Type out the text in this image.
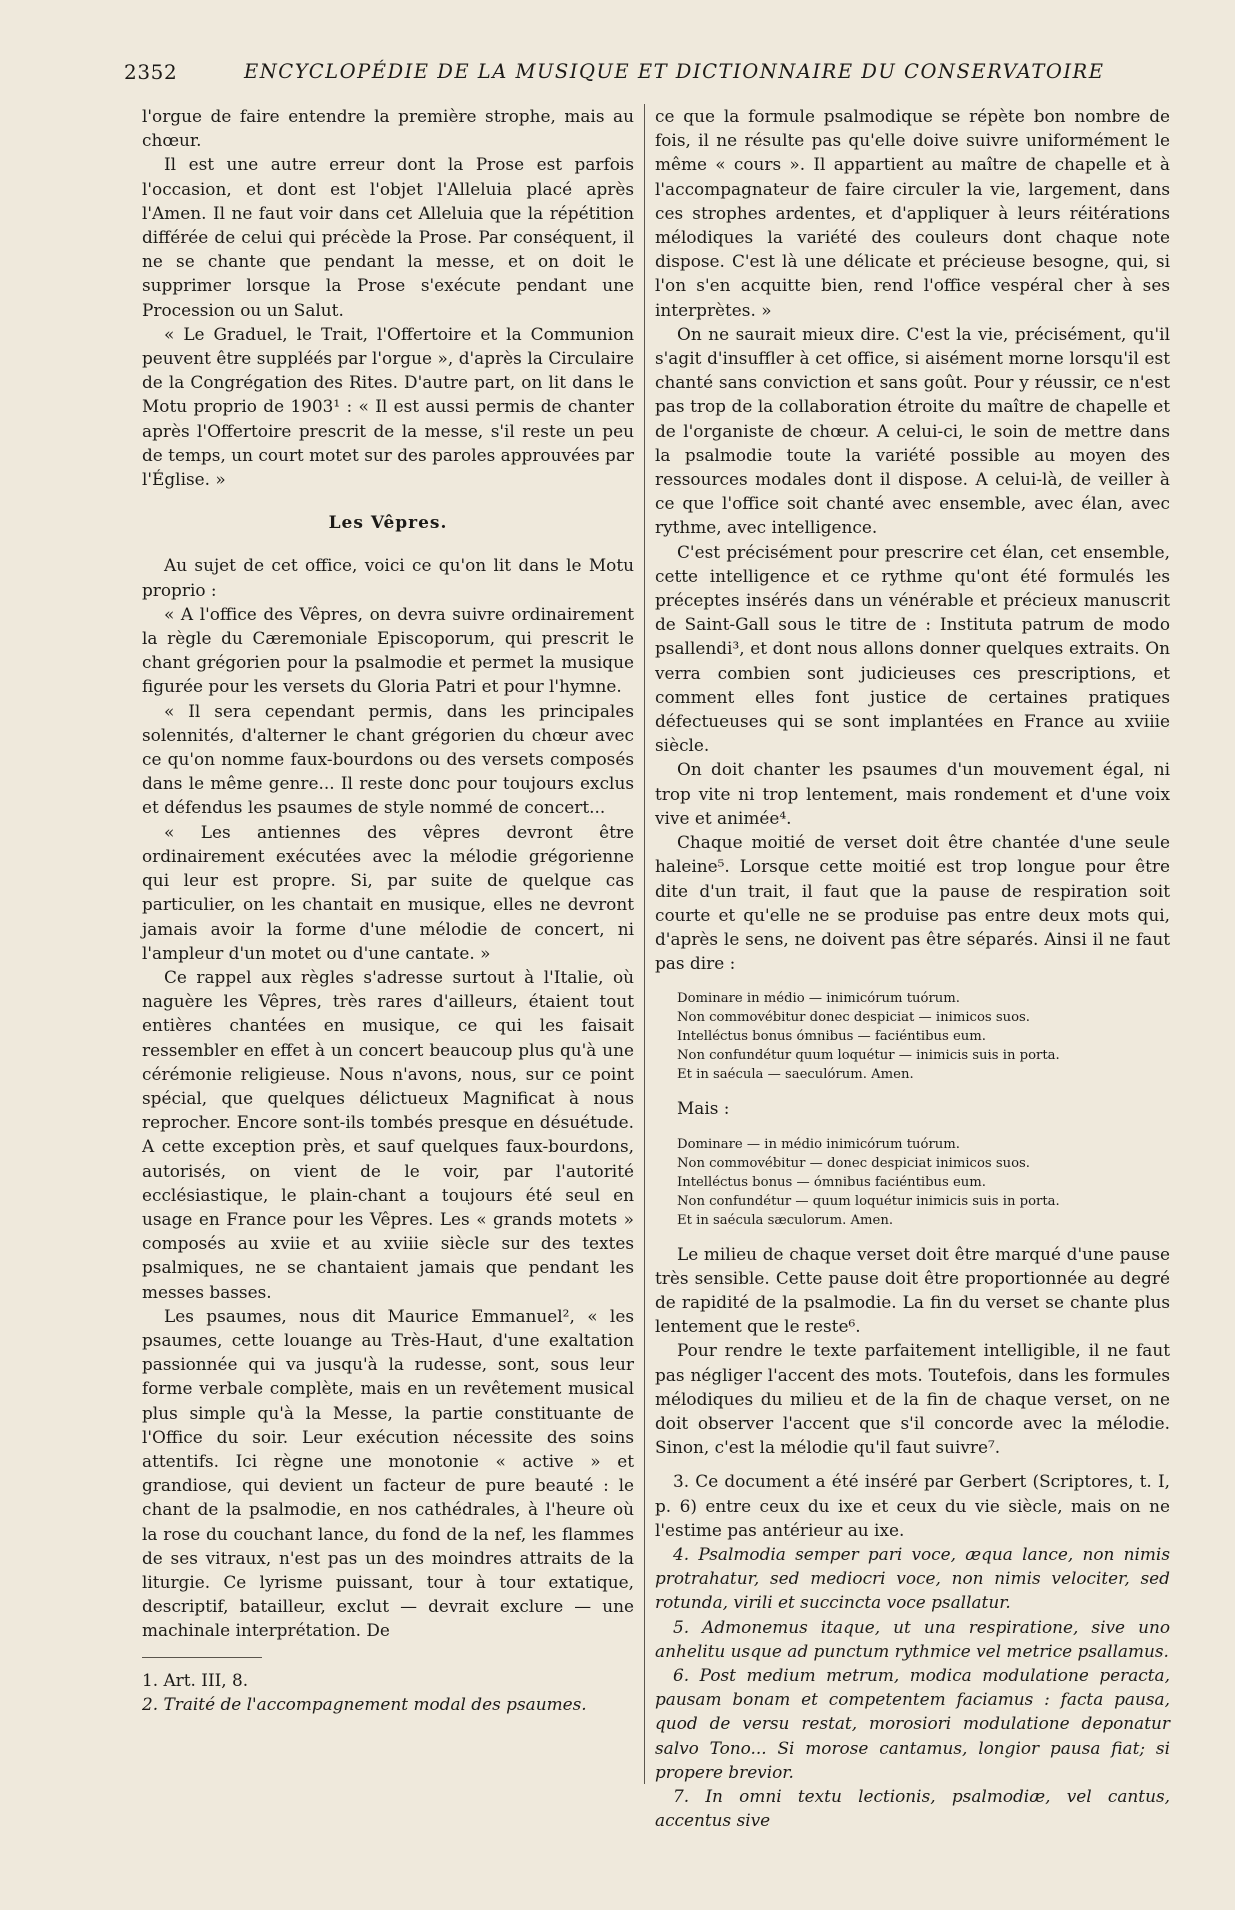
2352	ENCYCLOPÉDIE DE LA MUSIQUE ET DICTIONNAIRE DU CONSERVATOIRE

l'orgue de faire entendre la première strophe, mais au chœur.

Il est une autre erreur dont la Prose est parfois l'occasion, et dont est l'objet l'Alleluia placé après l'Amen. Il ne faut voir dans cet Alleluia que la répétition différée de celui qui précède la Prose. Par conséquent, il ne se chante que pendant la messe, et on doit le supprimer lorsque la Prose s'exécute pendant une Procession ou un Salut.

« Le Graduel, le Trait, l'Offertoire et la Communion peuvent être suppléés par l'orgue », d'après la Circulaire de la Congrégation des Rites. D'autre part, on lit dans le Motu proprio de 1903¹ : « Il est aussi permis de chanter après l'Offertoire prescrit de la messe, s'il reste un peu de temps, un court motet sur des paroles approuvées par l'Église. »

Les Vêpres.

Au sujet de cet office, voici ce qu'on lit dans le Motu proprio :

« A l'office des Vêpres, on devra suivre ordinairement la règle du Cæremoniale Episcoporum, qui prescrit le chant grégorien pour la psalmodie et permet la musique figurée pour les versets du Gloria Patri et pour l'hymne.

« Il sera cependant permis, dans les principales solennités, d'alterner le chant grégorien du chœur avec ce qu'on nomme faux-bourdons ou des versets composés dans le même genre... Il reste donc pour toujours exclus et défendus les psaumes de style nommé de concert...

« Les antiennes des vêpres devront être ordinairement exécutées avec la mélodie grégorienne qui leur est propre. Si, par suite de quelque cas particulier, on les chantait en musique, elles ne devront jamais avoir la forme d'une mélodie de concert, ni l'ampleur d'un motet ou d'une cantate. »

Ce rappel aux règles s'adresse surtout à l'Italie, où naguère les Vêpres, très rares d'ailleurs, étaient tout entières chantées en musique, ce qui les faisait ressembler en effet à un concert beaucoup plus qu'à une cérémonie religieuse. Nous n'avons, nous, sur ce point spécial, que quelques délictueux Magnificat à nous reprocher. Encore sont-ils tombés presque en désuétude. A cette exception près, et sauf quelques faux-bourdons, autorisés, on vient de le voir, par l'autorité ecclésiastique, le plain-chant a toujours été seul en usage en France pour les Vêpres. Les « grands motets » composés au xviie et au xviiie siècle sur des textes psalmiques, ne se chantaient jamais que pendant les messes basses.

Les psaumes, nous dit Maurice Emmanuel², « les psaumes, cette louange au Très-Haut, d'une exaltation passionnée qui va jusqu'à la rudesse, sont, sous leur forme verbale complète, mais en un revêtement musical plus simple qu'à la Messe, la partie constituante de l'Office du soir. Leur exécution nécessite des soins attentifs. Ici règne une monotonie « active » et grandiose, qui devient un facteur de pure beauté : le chant de la psalmodie, en nos cathédrales, à l'heure où la rose du couchant lance, du fond de la nef, les flammes de ses vitraux, n'est pas un des moindres attraits de la liturgie. Ce lyrisme puissant, tour à tour extatique, descriptif, batailleur, exclut — devrait exclure — une machinale interprétation. De

1. Art. III, 8.

2. Traité de l'accompagnement modal des psaumes.

ce que la formule psalmodique se répète bon nombre de fois, il ne résulte pas qu'elle doive suivre uniformément le même « cours ». Il appartient au maître de chapelle et à l'accompagnateur de faire circuler la vie, largement, dans ces strophes ardentes, et d'appliquer à leurs réitérations mélodiques la variété des couleurs dont chaque note dispose. C'est là une délicate et précieuse besogne, qui, si l'on s'en acquitte bien, rend l'office vespéral cher à ses interprètes. »

On ne saurait mieux dire. C'est la vie, précisément, qu'il s'agit d'insuffler à cet office, si aisément morne lorsqu'il est chanté sans conviction et sans goût. Pour y réussir, ce n'est pas trop de la collaboration étroite du maître de chapelle et de l'organiste de chœur. A celui-ci, le soin de mettre dans la psalmodie toute la variété possible au moyen des ressources modales dont il dispose. A celui-là, de veiller à ce que l'office soit chanté avec ensemble, avec élan, avec rythme, avec intelligence.

C'est précisément pour prescrire cet élan, cet ensemble, cette intelligence et ce rythme qu'ont été formulés les préceptes insérés dans un vénérable et précieux manuscrit de Saint-Gall sous le titre de : Instituta patrum de modo psallendi³, et dont nous allons donner quelques extraits. On verra combien sont judicieuses ces prescriptions, et comment elles font justice de certaines pratiques défectueuses qui se sont implantées en France au xviiie siècle.

On doit chanter les psaumes d'un mouvement égal, ni trop vite ni trop lentement, mais rondement et d'une voix vive et animée⁴.

Chaque moitié de verset doit être chantée d'une seule haleine⁵. Lorsque cette moitié est trop longue pour être dite d'un trait, il faut que la pause de respiration soit courte et qu'elle ne se produise pas entre deux mots qui, d'après le sens, ne doivent pas être séparés. Ainsi il ne faut pas dire :

Dominare in médio — inimicórum tuórum.
Non commovébitur donec despiciat — inimicos suos.
Intelléctus bonus ómnibus — faciéntibus eum.
Non confundétur quum loquétur — inimicis suis in porta.
Et in saécula — saeculórum. Amen.

Mais :

Dominare — in médio inimicórum tuórum.
Non commovébitur — donec despiciat inimicos suos.
Intelléctus bonus — ómnibus faciéntibus eum.
Non confundétur — quum loquétur inimicis suis in porta.
Et in saécula sæculorum. Amen.

Le milieu de chaque verset doit être marqué d'une pause très sensible. Cette pause doit être proportionnée au degré de rapidité de la psalmodie. La fin du verset se chante plus lentement que le reste⁶.

Pour rendre le texte parfaitement intelligible, il ne faut pas négliger l'accent des mots. Toutefois, dans les formules mélodiques du milieu et de la fin de chaque verset, on ne doit observer l'accent que s'il concorde avec la mélodie. Sinon, c'est la mélodie qu'il faut suivre⁷.

3. Ce document a été inséré par Gerbert (Scriptores, t. I, p. 6) entre ceux du ixe et ceux du vie siècle, mais on ne l'estime pas antérieur au ixe.

4. Psalmodia semper pari voce, æqua lance, non nimis protrahatur, sed mediocri voce, non nimis velociter, sed rotunda, virili et succincta voce psallatur.

5. Admonemus itaque, ut una respiratione, sive uno anhelitu usque ad punctum rythmice vel metrice psallamus.

6. Post medium metrum, modica modulatione peracta, pausam bonam et competentem faciamus : facta pausa, quod de versu restat, morosiori modulatione deponatur salvo Tono... Si morose cantamus, longior pausa fiat; si propere brevior.

7. In omni textu lectionis, psalmodiæ, vel cantus, accentus sive
